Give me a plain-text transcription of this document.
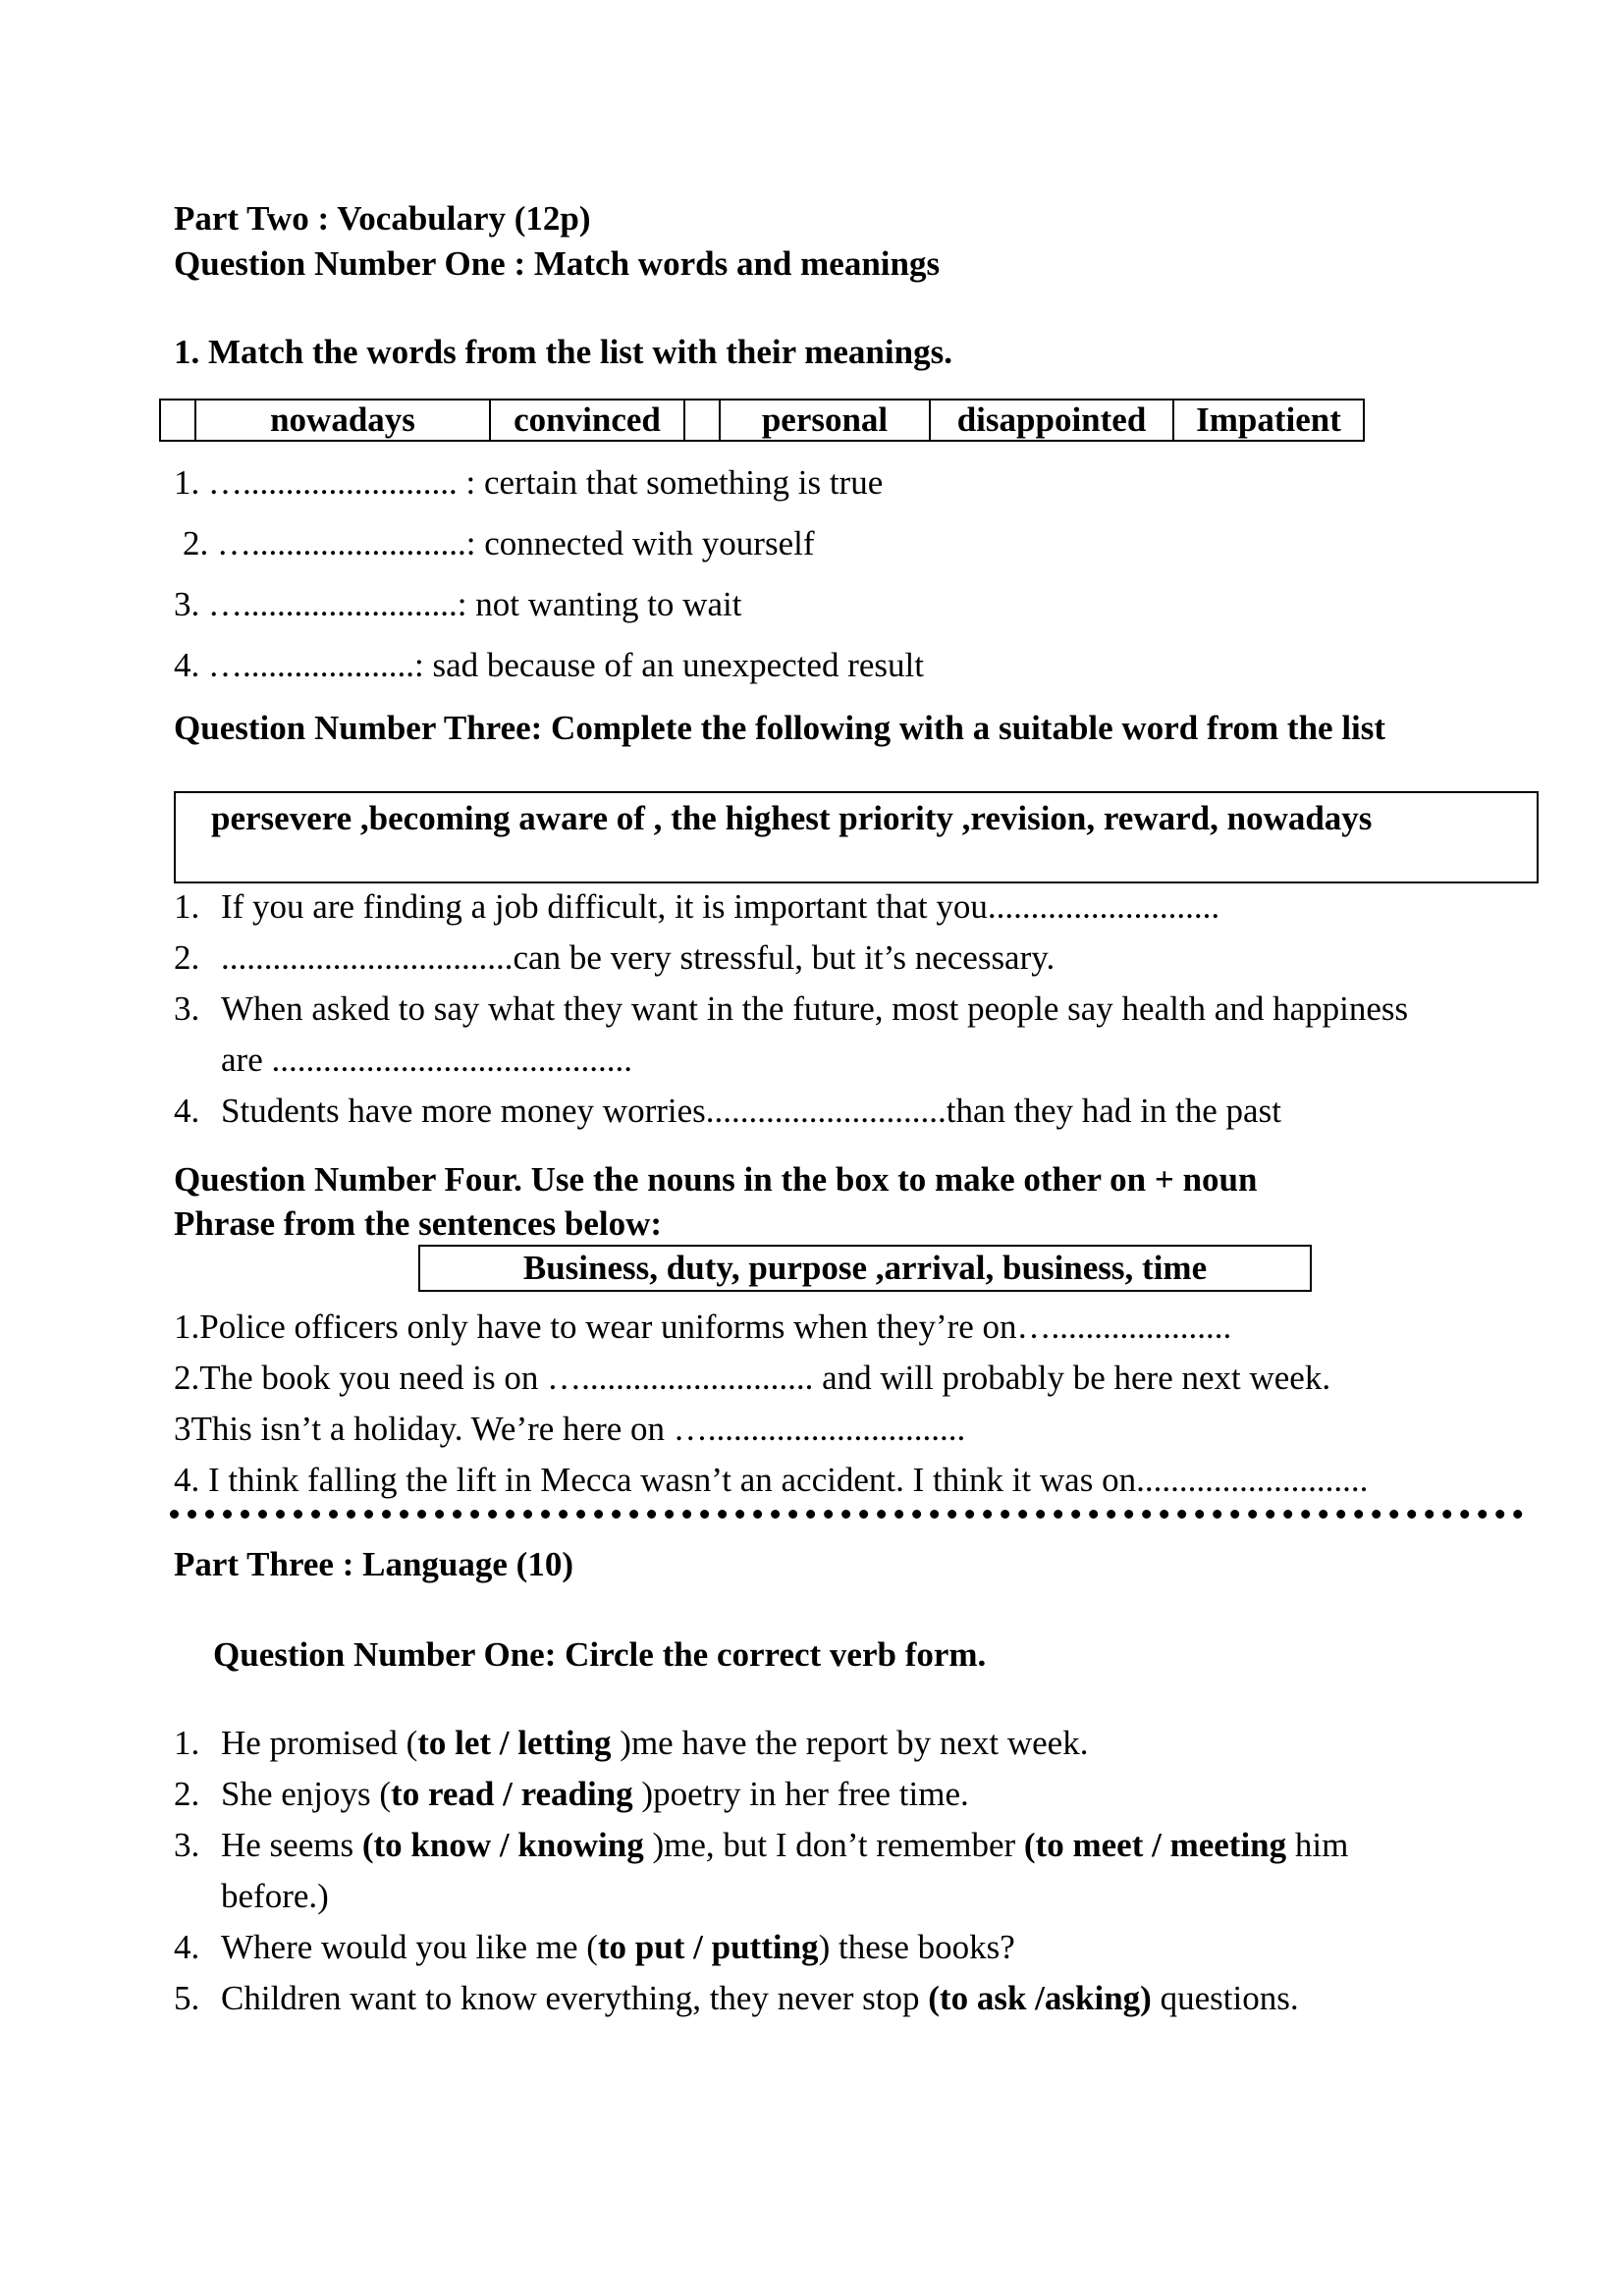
Part Two : Vocabulary (12p)
Question Number One : Match words and meanings
1. Match the words from the list with their meanings.
nowadays	convinced	personal	disappointed	Impatient
1. …......................... : certain that something is true
2. ….........................: connected with yourself
3. ….........................: not wanting to wait
4. …....................: sad because of an unexpected result
Question Number Three: Complete the following with a suitable word from the list
persevere ,becoming aware of , the highest priority ,revision, reward, nowadays
1. If you are finding a job difficult, it is important that you...........................
2. ..................................can be very stressful, but it’s necessary.
3. When asked to say what they want in the future, most people say health and happiness
are ..........................................
4. Students have more money worries............................than they had in the past
Question Number Four. Use the nouns in the box to make other on + noun
Phrase from the sentences below:
Business, duty, purpose ,arrival, business, time
1.Police officers only have to wear uniforms when they’re on….....................
2.The book you need is on …........................... and will probably be here next week.
3This isn’t a holiday. We’re here on …..............................
4. I think falling the lift in Mecca wasn’t an accident. I think it was on...........................
Part Three : Language (10)
Question Number One: Circle the correct verb form.
1. He promised (to let / letting )me have the report by next week.
2. She enjoys (to read / reading )poetry in her free time.
3. He seems (to know / knowing )me, but I don’t remember (to meet / meeting him
before.)
4. Where would you like me (to put / putting) these books?
5. Children want to know everything, they never stop (to ask /asking) questions.
